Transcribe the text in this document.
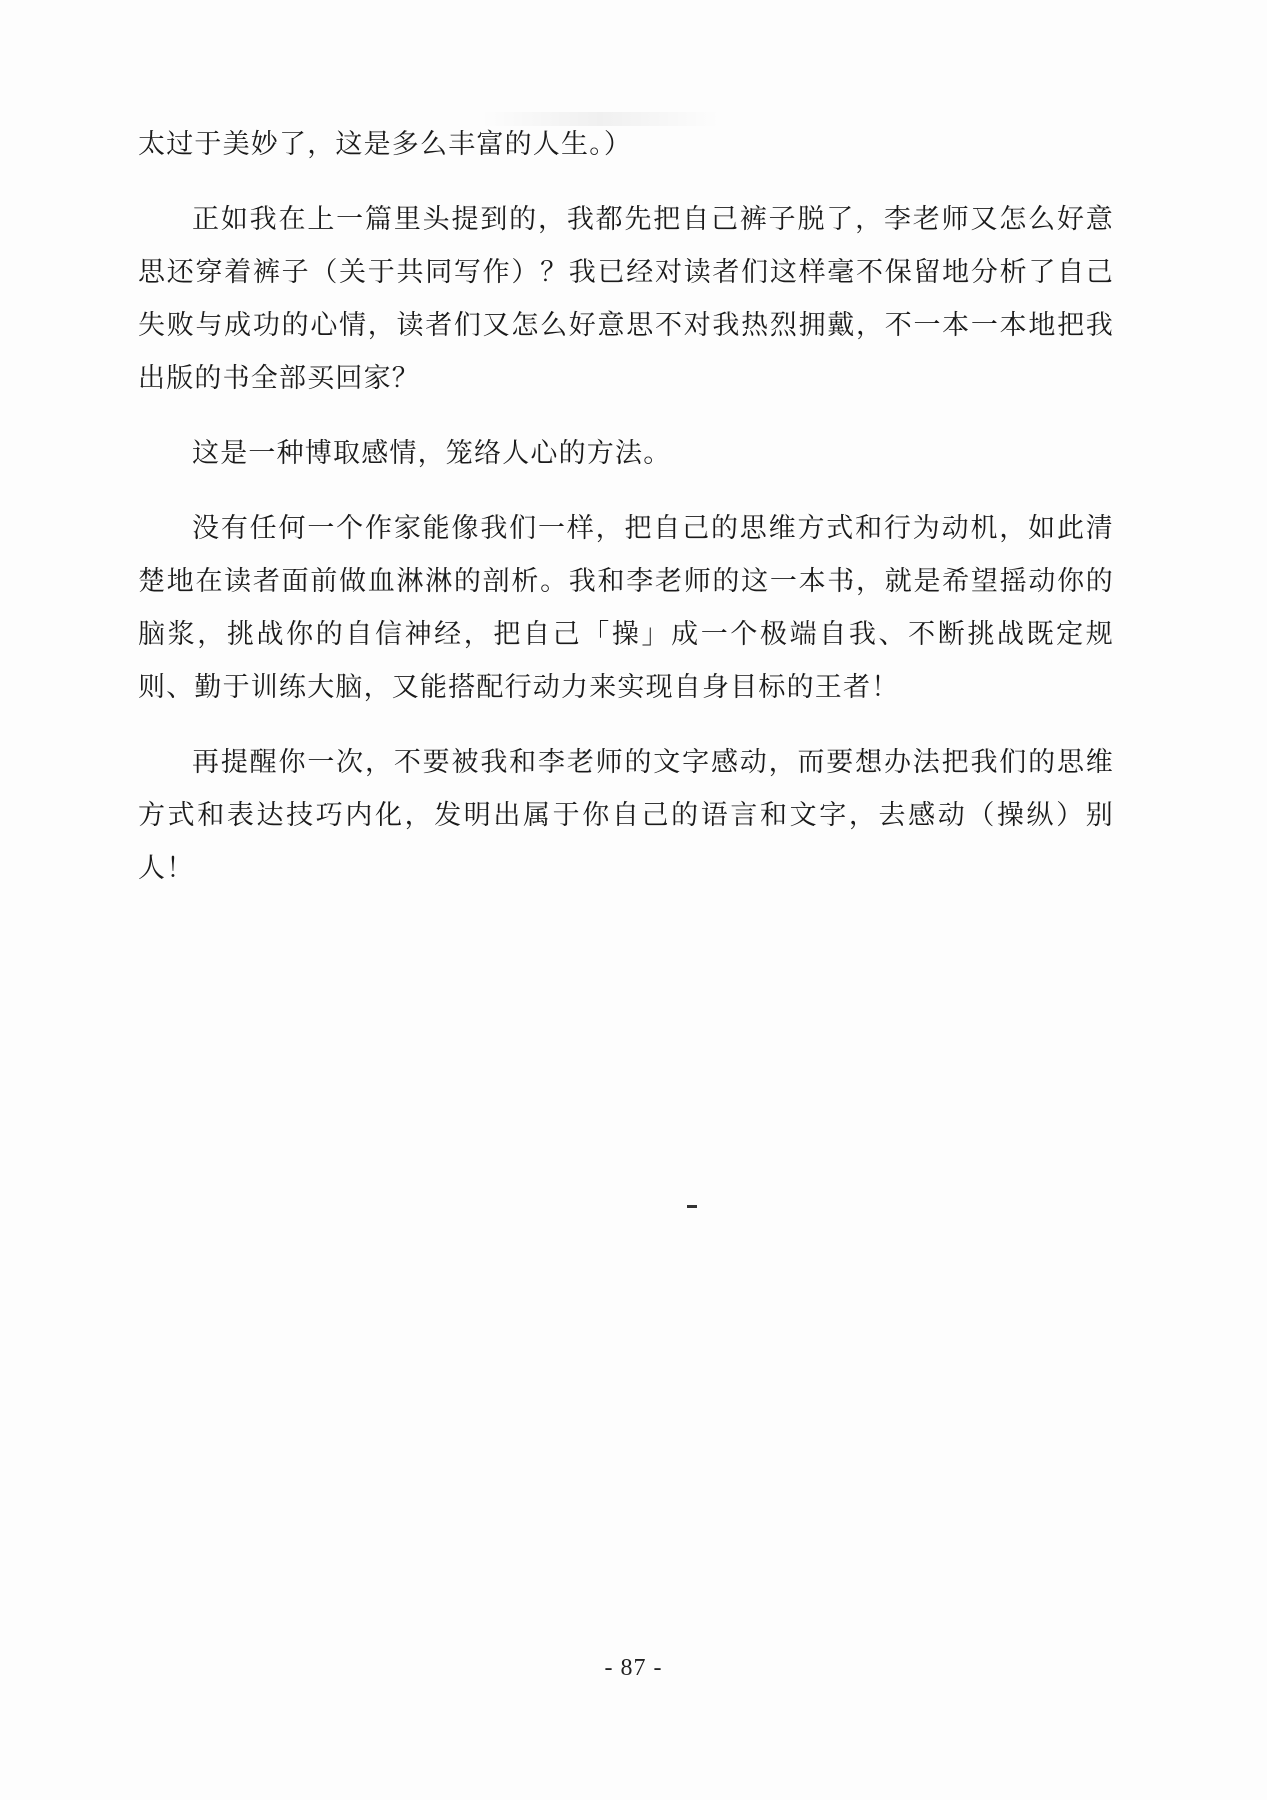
太过于美妙了，这是多么丰富的人生。）

正如我在上一篇里头提到的，我都先把自己裤子脱了，李老师又怎么好意思还穿着裤子（关于共同写作）？我已经对读者们这样毫不保留地分析了自己失败与成功的心情，读者们又怎么好意思不对我热烈拥戴，不一本一本地把我出版的书全部买回家？

这是一种博取感情，笼络人心的方法。

没有任何一个作家能像我们一样，把自己的思维方式和行为动机，如此清楚地在读者面前做血淋淋的剖析。我和李老师的这一本书，就是希望摇动你的脑浆，挑战你的自信神经，把自己「操」成一个极端自我、不断挑战既定规则、勤于训练大脑，又能搭配行动力来实现自身目标的王者！

再提醒你一次，不要被我和李老师的文字感动，而要想办法把我们的思维方式和表达技巧内化，发明出属于你自己的语言和文字，去感动（操纵）别人！

- 87 -
